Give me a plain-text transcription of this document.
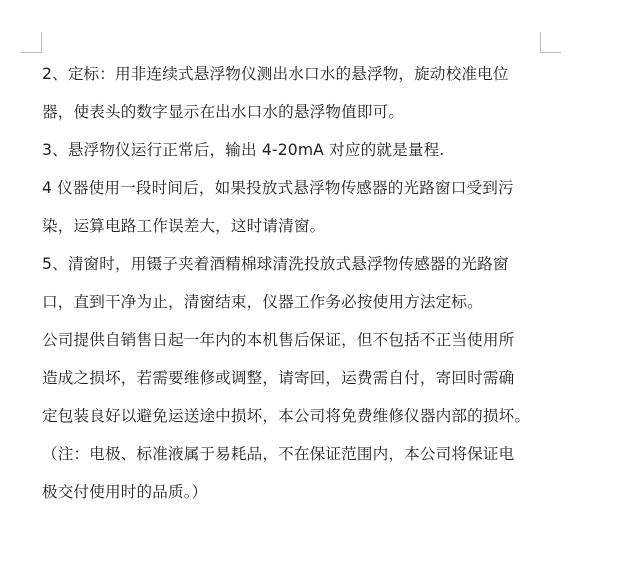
2、定标：用非连续式悬浮物仪测出水口水的悬浮物，旋动校准电位
器，使表头的数字显示在出水口水的悬浮物值即可。
3、悬浮物仪运行正常后，输出 4-20mA 对应的就是量程.
4 仪器使用一段时间后，如果投放式悬浮物传感器的光路窗口受到污
染，运算电路工作误差大，这时请清窗。
5、清窗时，用镊子夹着酒精棉球清洗投放式悬浮物传感器的光路窗
口，直到干净为止，清窗结束，仪器工作务必按使用方法定标。
公司提供自销售日起一年内的本机售后保证，但不包括不正当使用所
造成之损坏，若需要维修或调整，请寄回，运费需自付，寄回时需确
定包装良好以避免运送途中损坏，本公司将免费维修仪器内部的损坏。
（注：电极、标准液属于易耗品，不在保证范围内，本公司将保证电
极交付使用时的品质。）
